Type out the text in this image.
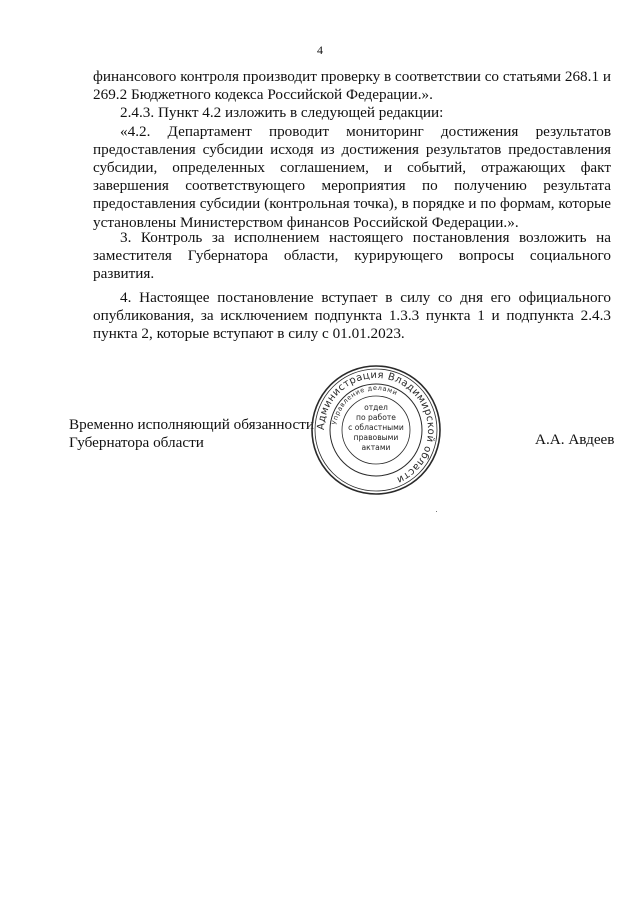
4

финансового контроля производит проверку в соответствии со статьями 268.1 и 269.2 Бюджетного кодекса Российской Федерации.».

2.4.3. Пункт 4.2 изложить в следующей редакции:

«4.2. Департамент проводит мониторинг достижения результатов предоставления субсидии исходя из достижения результатов предоставления субсидии, определенных соглашением, и событий, отражающих факт завершения соответствующего мероприятия по получению результата предоставления субсидии (контрольная точка), в порядке и по формам, которые установлены Министерством финансов Российской Федерации.».

3. Контроль за исполнением настоящего постановления возложить на заместителя Губернатора области, курирующего вопросы социального развития.

4. Настоящее постановление вступает в силу со дня его официального опубликования, за исключением подпункта 1.3.3 пункта 1 и подпункта 2.4.3 пункта 2, которые вступают в силу с 01.01.2023.

Временно исполняющий обязанности
Губернатора области	А.А. Авдеев
Администрация Владимирской области
Управление делами
отдел
по работе
с областными
правовыми
актами
